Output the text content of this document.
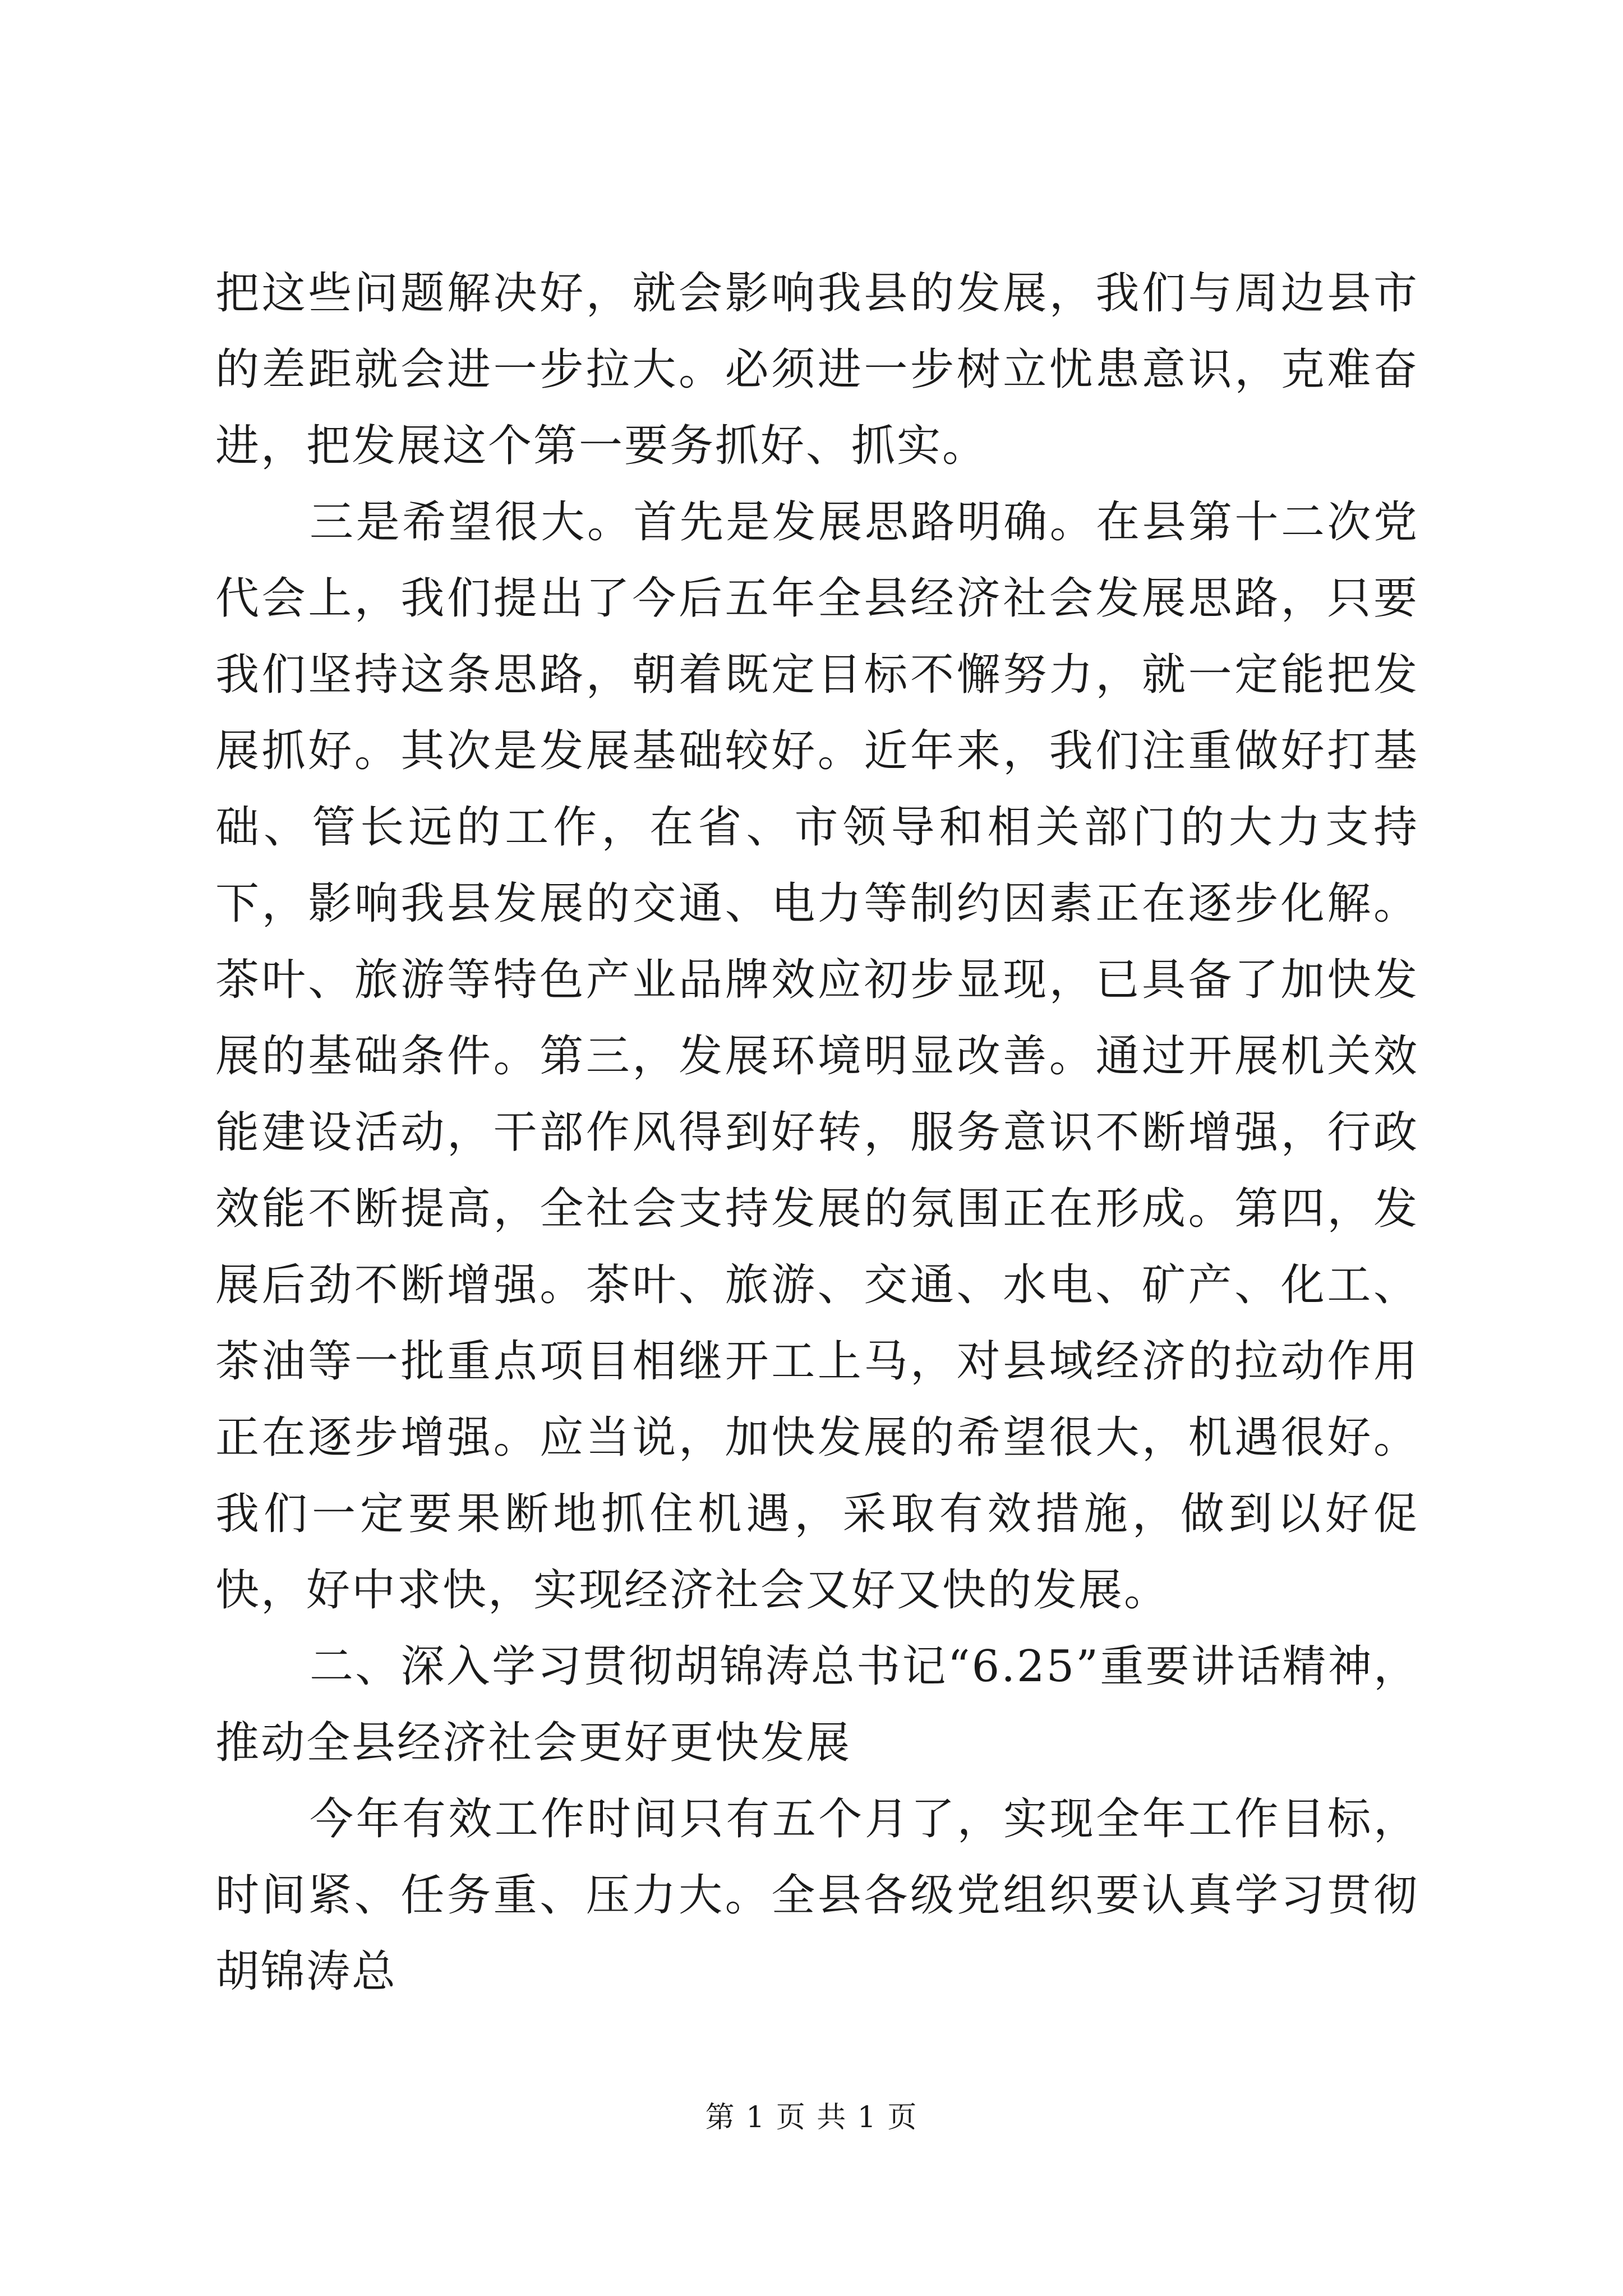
把这些问题解决好，就会影响我县的发展，我们与周边县市的差距就会进一步拉大。必须进一步树立忧患意识，克难奋进，把发展这个第一要务抓好、抓实。

三是希望很大。首先是发展思路明确。在县第十二次党代会上，我们提出了今后五年全县经济社会发展思路，只要我们坚持这条思路，朝着既定目标不懈努力，就一定能把发展抓好。其次是发展基础较好。近年来，我们注重做好打基础、管长远的工作，在省、市领导和相关部门的大力支持下，影响我县发展的交通、电力等制约因素正在逐步化解。茶叶、旅游等特色产业品牌效应初步显现，已具备了加快发展的基础条件。第三，发展环境明显改善。通过开展机关效能建设活动，干部作风得到好转，服务意识不断增强，行政效能不断提高，全社会支持发展的氛围正在形成。第四，发展后劲不断增强。茶叶、旅游、交通、水电、矿产、化工、茶油等一批重点项目相继开工上马，对县域经济的拉动作用正在逐步增强。应当说，加快发展的希望很大，机遇很好。我们一定要果断地抓住机遇，采取有效措施，做到以好促快，好中求快，实现经济社会又好又快的发展。

二、深入学习贯彻胡锦涛总书记“6.25”重要讲话精神，推动全县经济社会更好更快发展

今年有效工作时间只有五个月了，实现全年工作目标，时间紧、任务重、压力大。全县各级党组织要认真学习贯彻胡锦涛总

第 1 页 共 1 页
